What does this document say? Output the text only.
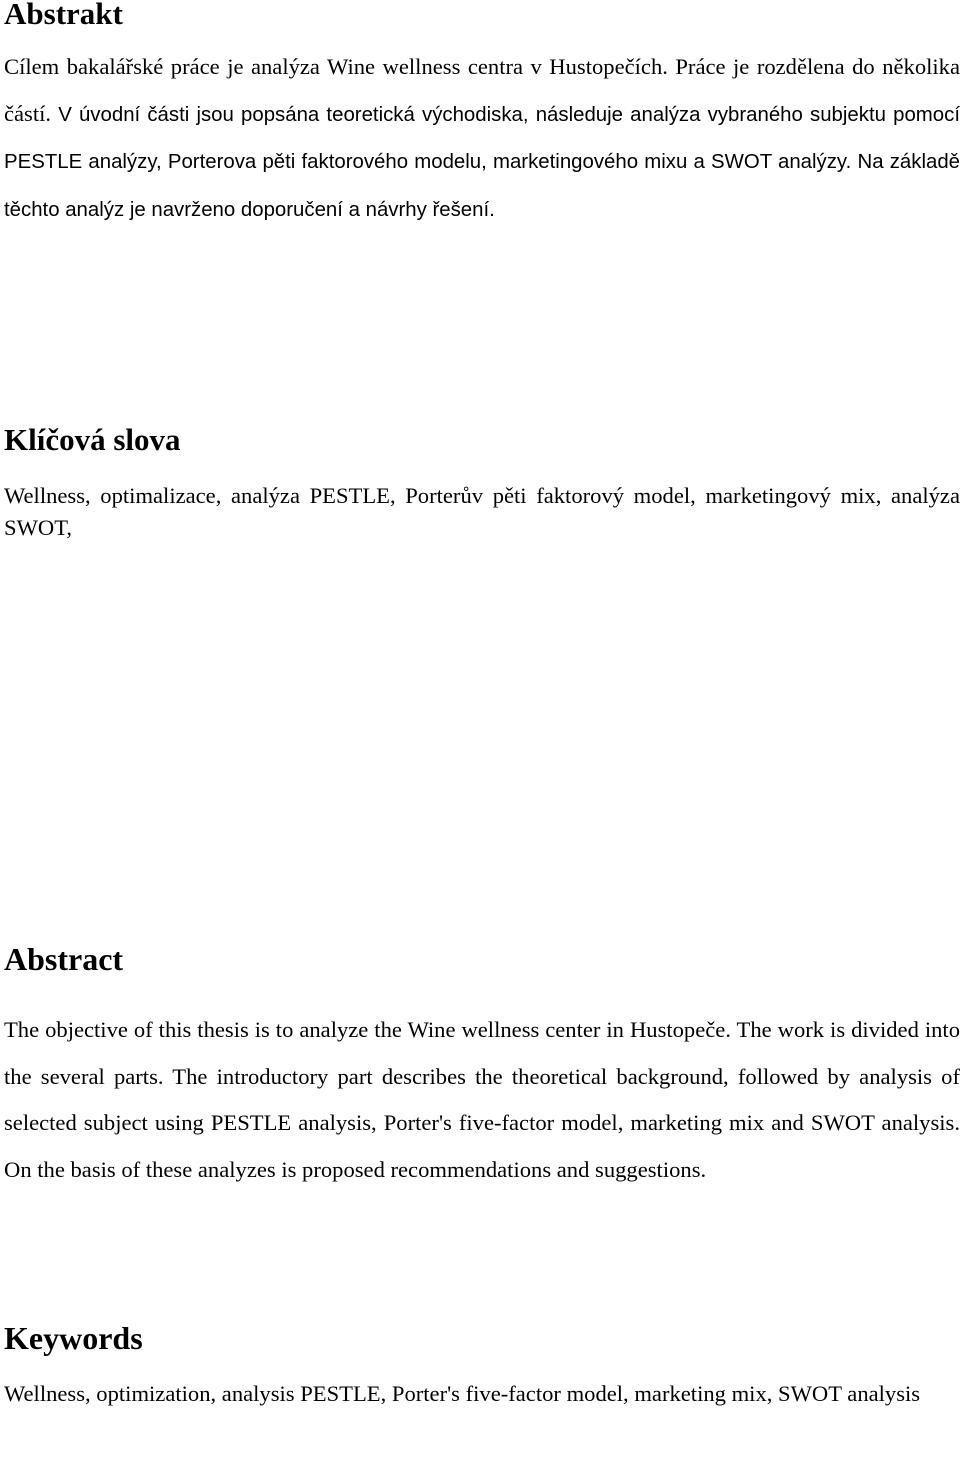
Abstrakt

Cílem bakalářské práce je analýza Wine wellness centra v Hustopečích. Práce je rozdělena do několika částí. V úvodní části jsou popsána teoretická východiska, následuje analýza vybraného subjektu pomocí PESTLE analýzy, Porterova pěti faktorového modelu, marketingového mixu a SWOT analýzy. Na základě těchto analýz je navrženo doporučení a návrhy řešení.

Klíčová slova

Wellness, optimalizace, analýza PESTLE, Porterův pěti faktorový model, marketingový mix, analýza SWOT,

Abstract

The objective of this thesis is to analyze the Wine wellness center in Hustopeče. The work is divided into the several parts. The introductory part describes the theoretical background, followed by analysis of selected subject using PESTLE analysis, Porter's five-factor model, marketing mix and SWOT analysis. On the basis of these analyzes is proposed recommendations and suggestions.

Keywords

Wellness, optimization, analysis PESTLE, Porter's five-factor model, marketing mix, SWOT analysis
